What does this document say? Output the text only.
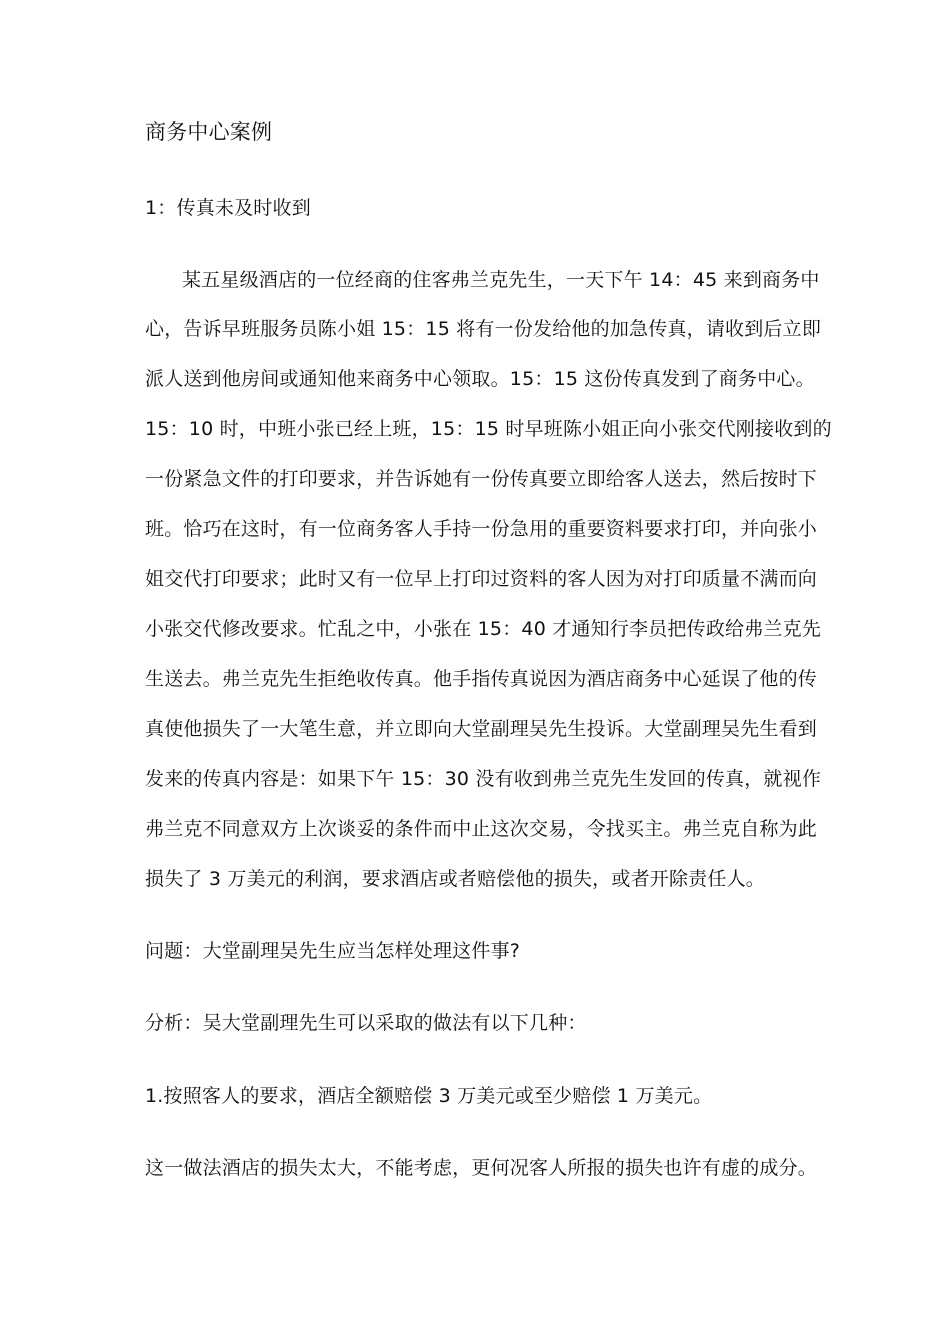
商务中心案例
1：传真未及时收到
某五星级酒店的一位经商的住客弗兰克先生，一天下午 14：45 来到商务中
心，告诉早班服务员陈小姐 15：15 将有一份发给他的加急传真，请收到后立即
派人送到他房间或通知他来商务中心领取。15：15 这份传真发到了商务中心。
15：10 时，中班小张已经上班，15：15 时早班陈小姐正向小张交代刚接收到的
一份紧急文件的打印要求，并告诉她有一份传真要立即给客人送去，然后按时下
班。恰巧在这时，有一位商务客人手持一份急用的重要资料要求打印，并向张小
姐交代打印要求；此时又有一位早上打印过资料的客人因为对打印质量不满而向
小张交代修改要求。忙乱之中，小张在 15：40 才通知行李员把传政给弗兰克先
生送去。弗兰克先生拒绝收传真。他手指传真说因为酒店商务中心延误了他的传
真使他损失了一大笔生意，并立即向大堂副理吴先生投诉。大堂副理吴先生看到
发来的传真内容是：如果下午 15：30 没有收到弗兰克先生发回的传真，就视作
弗兰克不同意双方上次谈妥的条件而中止这次交易，令找买主。弗兰克自称为此
损失了 3 万美元的利润，要求酒店或者赔偿他的损失，或者开除责任人。
问题：大堂副理吴先生应当怎样处理这件事?
分析：吴大堂副理先生可以采取的做法有以下几种：
1.按照客人的要求，酒店全额赔偿 3 万美元或至少赔偿 1 万美元。
这一做法酒店的损失太大，不能考虑，更何况客人所报的损失也许有虚的成分。
